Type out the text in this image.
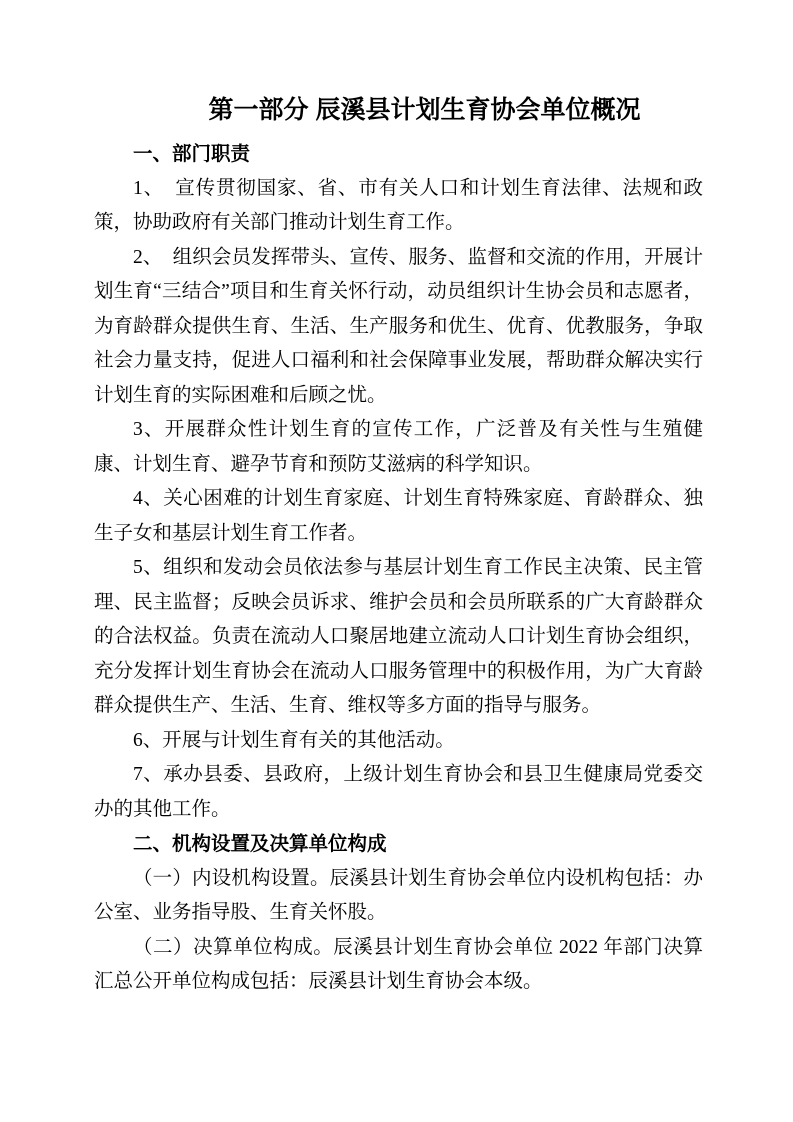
第一部分 辰溪县计划生育协会单位概况
一、部门职责

1、  宣传贯彻国家、省、市有关人口和计划生育法律、法规和政策，协助政府有关部门推动计划生育工作。

2、  组织会员发挥带头、宣传、服务、监督和交流的作用，开展计划生育“三结合”项目和生育关怀行动，动员组织计生协会员和志愿者，为育龄群众提供生育、生活、生产服务和优生、优育、优教服务，争取社会力量支持，促进人口福利和社会保障事业发展，帮助群众解决实行计划生育的实际困难和后顾之忧。

3、开展群众性计划生育的宣传工作，广泛普及有关性与生殖健康、计划生育、避孕节育和预防艾滋病的科学知识。

4、关心困难的计划生育家庭、计划生育特殊家庭、育龄群众、独生子女和基层计划生育工作者。

5、组织和发动会员依法参与基层计划生育工作民主决策、民主管理、民主监督；反映会员诉求、维护会员和会员所联系的广大育龄群众的合法权益。负责在流动人口聚居地建立流动人口计划生育协会组织，充分发挥计划生育协会在流动人口服务管理中的积极作用，为广大育龄群众提供生产、生活、生育、维权等多方面的指导与服务。

6、开展与计划生育有关的其他活动。

7、承办县委、县政府，上级计划生育协会和县卫生健康局党委交办的其他工作。

二、机构设置及决算单位构成

（一）内设机构设置。辰溪县计划生育协会单位内设机构包括：办公室、业务指导股、生育关怀股。

（二）决算单位构成。辰溪县计划生育协会单位 2022 年部门决算汇总公开单位构成包括：辰溪县计划生育协会本级。
